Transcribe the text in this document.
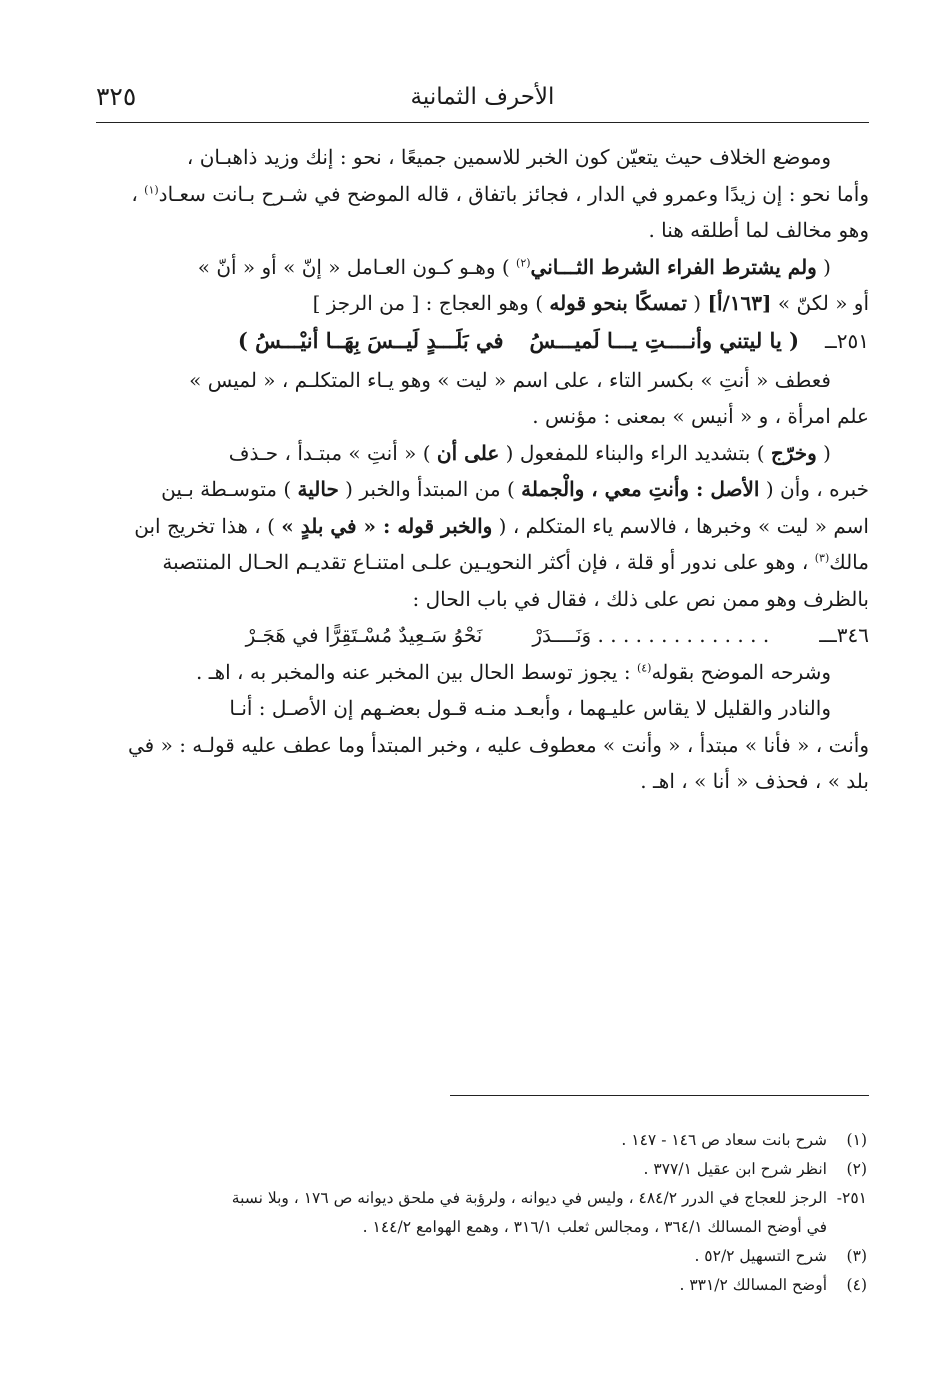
الأحرف الثمانية
٣٢٥
وموضع الخلاف حيث يتعيّن كون الخبر للاسمين جميعًا ، نحو : إنك وزيد ذاهبـان ،
وأما نحو : إن زيدًا وعمرو في الدار ، فجائز باتفاق ، قاله الموضح في شـرح بـانت سعـاد$^{(١)}$ ،
وهو مخالف لما أطلقه هنا .
( ولم يشترط الفراء الشرط الثـــاني$^{(٢)}$ ) وهـو كـون العـامل « إنّ » أو « أنّ »
أو « لكنّ » [١٦٣/أ] ( تمسكًا بنحو قوله ) وهو العجاج : [ من الرجز ]
٢٥١ــ
( يا ليتني وأنــــتِ يـــا لَميـــسُ
في بَلَـــدٍ لَيــسَ بِهَــا أنيْـــسُ )
فعطف « أنتِ » بكسر التاء ، على اسم « ليت » وهو يـاء المتكلـم ، « لميس »
علم امرأة ، و « أنيس » بمعنى : مؤنس .
( وخرّج ) بتشديد الراء والبناء للمفعول ( على أن ) « أنتِ » مبتـدأ ، حـذف
خبره ، وأن ( الأصل : وأنتِ معي ، والْجملة ) من المبتدأ والخبر ( حالية ) متوسـطة بـين
اسم « ليت » وخبرها ، فالاسم ياء المتكلم ، ( والخبر قوله : « في بلدٍ » ) ، هذا تخريج ابن
مالك$^{(٣)}$ ، وهو على ندور أو قلة ، فإن أكثر النحويـين علـى امتنـاع تقديـم الحـال المنتصبة
بالظرف وهو ممن نص على ذلك ، فقال في باب الحال :
٣٤٦ـــ
. . . . . . . . . . . . . . وَنَــــدَرْ
نَحْوُ سَـعِيدٌ مُسْـتَقِرًّا في هَجَـرْ
وشرحه الموضح بقوله$^{(٤)}$ : يجوز توسط الحال بين المخبر عنه والمخبر به ، اهـ .
والنادر والقليل لا يقاس عليـهما ، وأبعـد منـه قـول بعضـهم إن الأصـل : أنـا
وأنت ، « فأنا » مبتدأ ، « وأنت » معطوف عليه ، وخبر المبتدأ وما عطف عليه قولـه : « في
بلد » ، فحذف « أنا » ، اهـ .
(١)
شرح بانت سعاد ص ١٤٦ - ١٤٧ .
(٢)
انظر شرح ابن عقيل ٣٧٧/١ .
٢٥١-
الرجز للعجاج في الدرر ٤٨٤/٢ ، وليس في ديوانه ، ولرؤبة في ملحق ديوانه ص ١٧٦ ، وبلا نسبة
في أوضح المسالك ٣٦٤/١ ، ومجالس ثعلب ٣١٦/١ ، وهمع الهوامع ١٤٤/٢ .
(٣)
شرح التسهيل ٥٢/٢ .
(٤)
أوضح المسالك ٣٣١/٢ .
